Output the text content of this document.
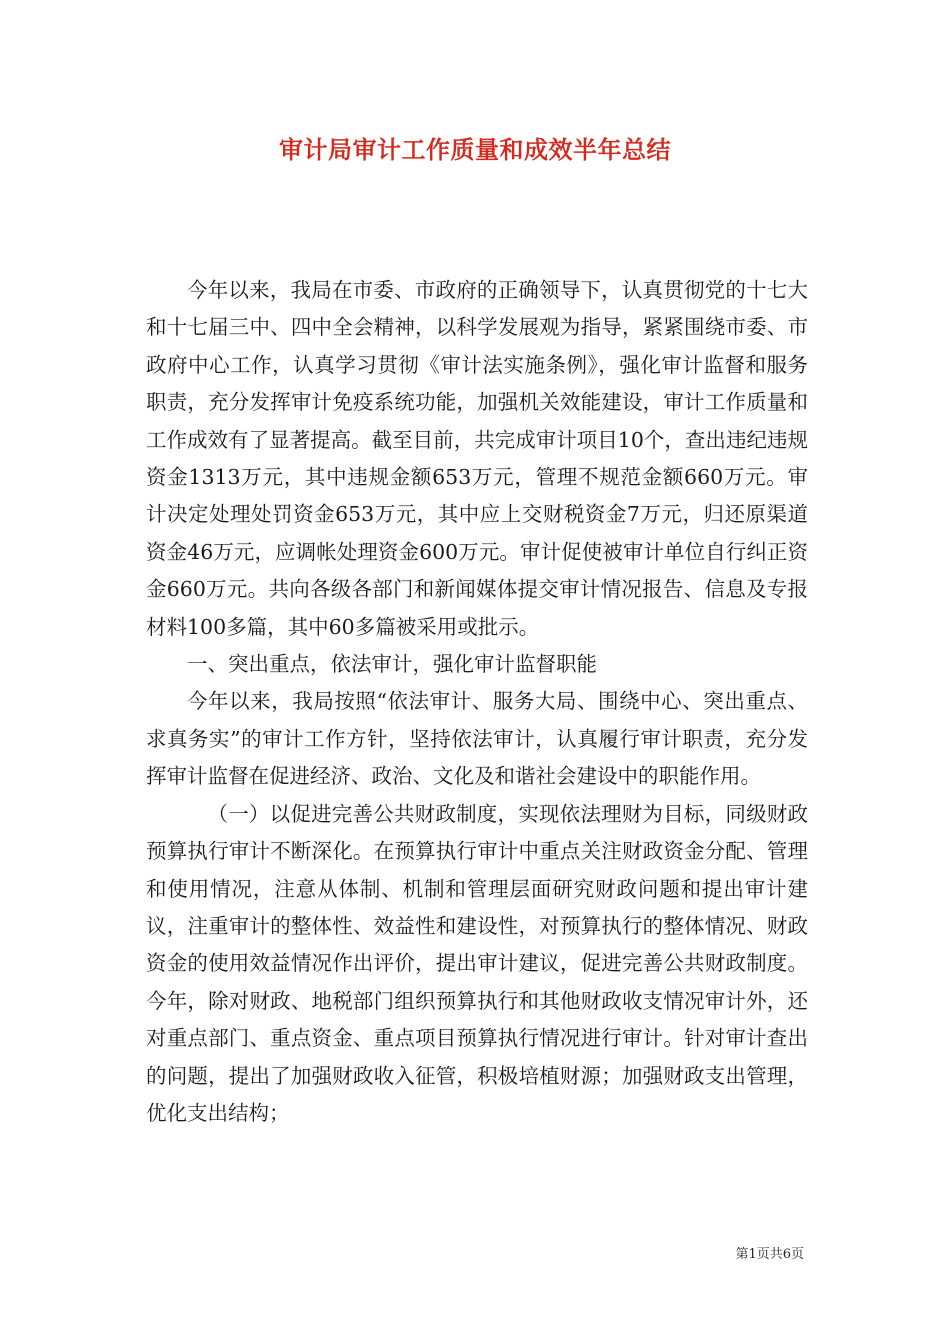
审计局审计工作质量和成效半年总结

今年以来，我局在市委、市政府的正确领导下，认真贯彻党的十七大和十七届三中、四中全会精神，以科学发展观为指导，紧紧围绕市委、市政府中心工作，认真学习贯彻《审计法实施条例》，强化审计监督和服务职责，充分发挥审计免疫系统功能，加强机关效能建设，审计工作质量和工作成效有了显著提高。截至目前，共完成审计项目10个，查出违纪违规资金1313万元，其中违规金额653万元，管理不规范金额660万元。审计决定处理处罚资金653万元，其中应上交财税资金7万元，归还原渠道资金46万元，应调帐处理资金600万元。审计促使被审计单位自行纠正资金660万元。共向各级各部门和新闻媒体提交审计情况报告、信息及专报材料100多篇，其中60多篇被采用或批示。

一、突出重点，依法审计，强化审计监督职能

今年以来，我局按照“依法审计、服务大局、围绕中心、突出重点、求真务实”的审计工作方针，坚持依法审计，认真履行审计职责，充分发挥审计监督在促进经济、政治、文化及和谐社会建设中的职能作用。

（一）以促进完善公共财政制度，实现依法理财为目标，同级财政预算执行审计不断深化。在预算执行审计中重点关注财政资金分配、管理和使用情况，注意从体制、机制和管理层面研究财政问题和提出审计建议，注重审计的整体性、效益性和建设性，对预算执行的整体情况、财政资金的使用效益情况作出评价，提出审计建议，促进完善公共财政制度。今年，除对财政、地税部门组织预算执行和其他财政收支情况审计外，还对重点部门、重点资金、重点项目预算执行情况进行审计。针对审计查出的问题，提出了加强财政收入征管，积极培植财源；加强财政支出管理，优化支出结构；

第1页共6页
